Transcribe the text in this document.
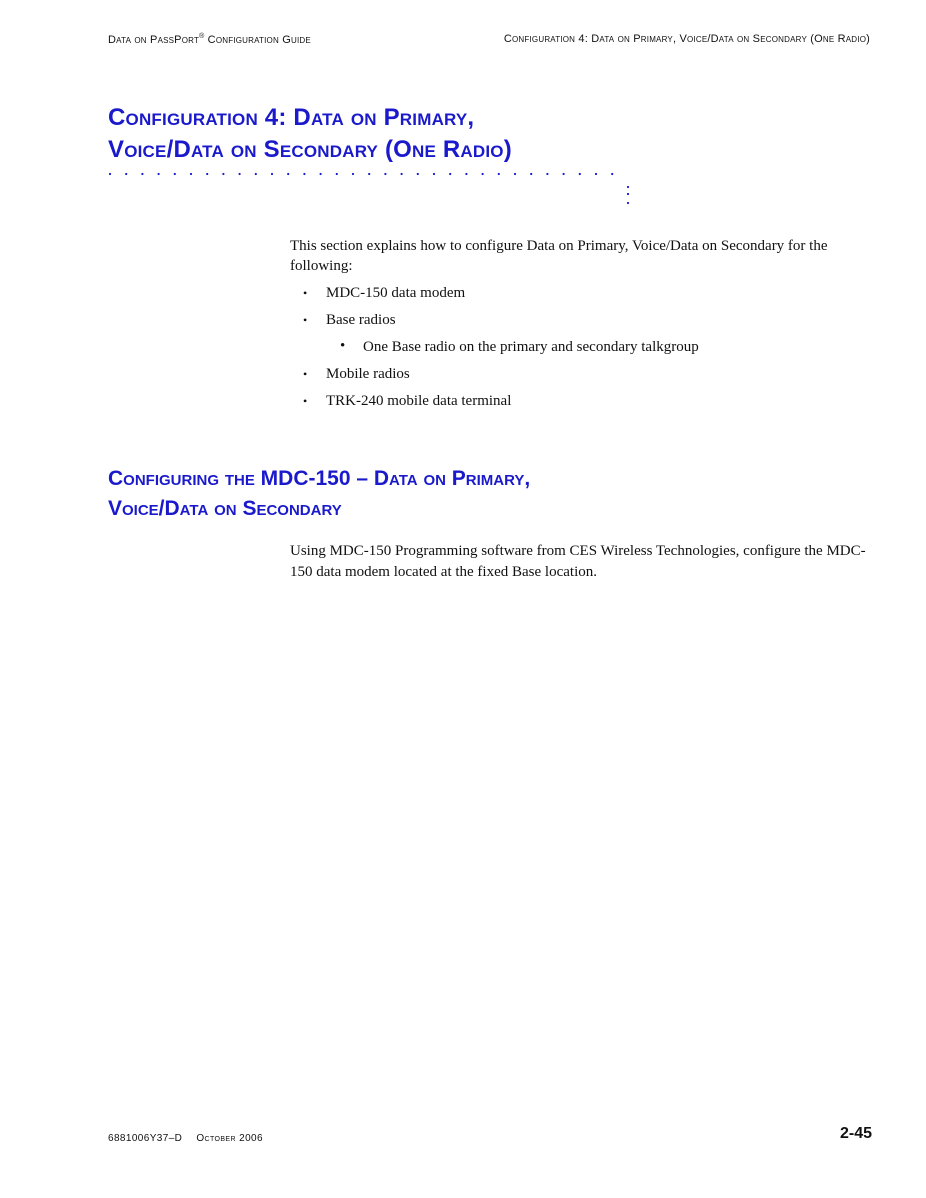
Data on PassPort® Configuration Guide	Configuration 4: Data on Primary, Voice/Data on Secondary (One Radio)
Configuration 4: Data on Primary,
Voice/Data on Secondary (One Radio)

This section explains how to configure Data on Primary, Voice/Data on Secondary for the following:

• MDC-150 data modem
• Base radios
• One Base radio on the primary and secondary talkgroup
• Mobile radios
• TRK-240 mobile data terminal
Configuring the MDC-150 – Data on Primary,
Voice/Data on Secondary

Using MDC-150 Programming software from CES Wireless Technologies, configure the MDC-150 data modem located at the fixed Base location.

6881006Y37–D October 2006	2-45
